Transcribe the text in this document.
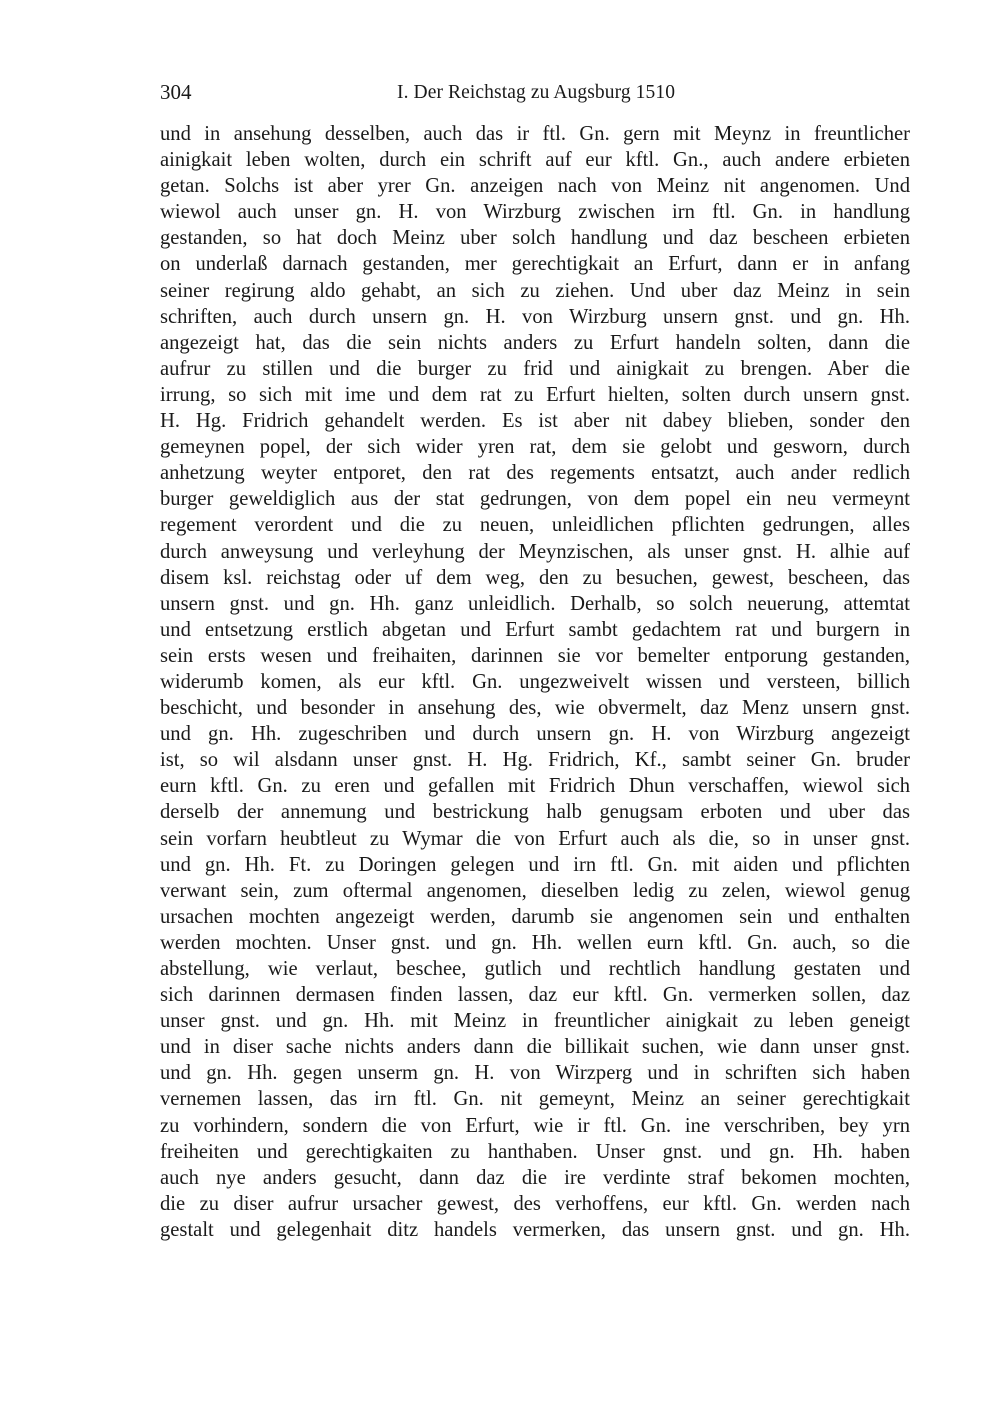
304	I. Der Reichstag zu Augsburg 1510
und in ansehung desselben, auch das ir ftl. Gn. gern mit Meynz in freuntlicher
ainigkait leben wolten, durch ein schrift auf eur kftl. Gn., auch andere erbieten
getan. Solchs ist aber yrer Gn. anzeigen nach von Meinz nit angenomen. Und
wiewol auch unser gn. H. von Wirzburg zwischen irn ftl. Gn. in handlung
gestanden, so hat doch Meinz uber solch handlung und daz bescheen erbieten
on underlaß darnach gestanden, mer gerechtigkait an Erfurt, dann er in anfang
seiner regirung aldo gehabt, an sich zu ziehen. Und uber daz Meinz in sein
schriften, auch durch unsern gn. H. von Wirzburg unsern gnst. und gn. Hh.
angezeigt hat, das die sein nichts anders zu Erfurt handeln solten, dann die
aufrur zu stillen und die burger zu frid und ainigkait zu brengen. Aber die
irrung, so sich mit ime und dem rat zu Erfurt hielten, solten durch unsern gnst.
H. Hg. Fridrich gehandelt werden. Es ist aber nit dabey blieben, sonder den
gemeynen popel, der sich wider yren rat, dem sie gelobt und gesworn, durch
anhetzung weyter entporet, den rat des regements entsatzt, auch ander redlich
burger geweldiglich aus der stat gedrungen, von dem popel ein neu vermeynt
regement verordent und die zu neuen, unleidlichen pflichten gedrungen, alles
durch anweysung und verleyhung der Meynzischen, als unser gnst. H. alhie auf
disem ksl. reichstag oder uf dem weg, den zu besuchen, gewest, bescheen, das
unsern gnst. und gn. Hh. ganz unleidlich. Derhalb, so solch neuerung, attemtat
und entsetzung erstlich abgetan und Erfurt sambt gedachtem rat und burgern in
sein ersts wesen und freihaiten, darinnen sie vor bemelter entporung gestanden,
widerumb komen, als eur kftl. Gn. ungezweivelt wissen und versteen, billich
beschicht, und besonder in ansehung des, wie obvermelt, daz Menz unsern gnst.
und gn. Hh. zugeschriben und durch unsern gn. H. von Wirzburg angezeigt
ist, so wil alsdann unser gnst. H. Hg. Fridrich, Kf., sambt seiner Gn. bruder
eurn kftl. Gn. zu eren und gefallen mit Fridrich Dhun verschaffen, wiewol sich
derselb der annemung und bestrickung halb genugsam erboten und uber das
sein vorfarn heubtleut zu Wymar die von Erfurt auch als die, so in unser gnst.
und gn. Hh. Ft. zu Doringen gelegen und irn ftl. Gn. mit aiden und pflichten
verwant sein, zum oftermal angenomen, dieselben ledig zu zelen, wiewol genug
ursachen mochten angezeigt werden, darumb sie angenomen sein und enthalten
werden mochten. Unser gnst. und gn. Hh. wellen eurn kftl. Gn. auch, so die
abstellung, wie verlaut, beschee, gutlich und rechtlich handlung gestaten und
sich darinnen dermasen finden lassen, daz eur kftl. Gn. vermerken sollen, daz
unser gnst. und gn. Hh. mit Meinz in freuntlicher ainigkait zu leben geneigt
und in diser sache nichts anders dann die billikait suchen, wie dann unser gnst.
und gn. Hh. gegen unserm gn. H. von Wirzperg und in schriften sich haben
vernemen lassen, das irn ftl. Gn. nit gemeynt, Meinz an seiner gerechtigkait
zu vorhindern, sondern die von Erfurt, wie ir ftl. Gn. ine verschriben, bey yrn
freiheiten und gerechtigkaiten zu hanthaben. Unser gnst. und gn. Hh. haben
auch nye anders gesucht, dann daz die ire verdinte straf bekomen mochten,
die zu diser aufrur ursacher gewest, des verhoffens, eur kftl. Gn. werden nach
gestalt und gelegenhait ditz handels vermerken, das unsern gnst. und gn. Hh.
